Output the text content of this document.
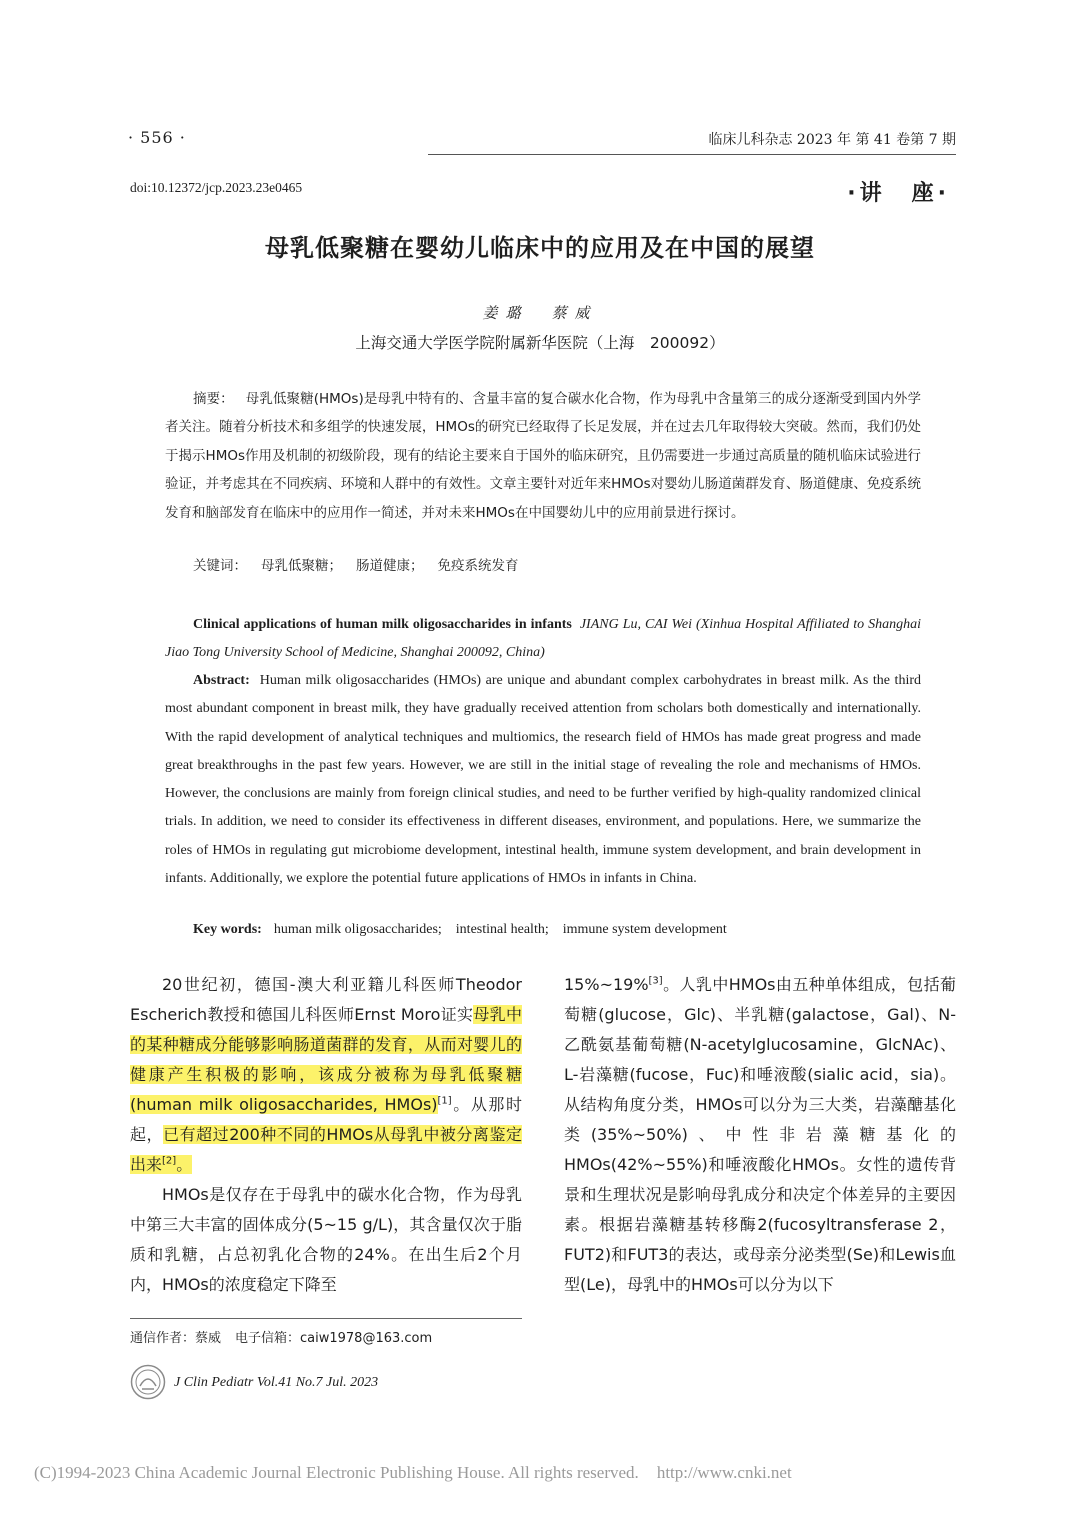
· 556 ·	临床儿科杂志 2023 年 第 41 卷第 7 期
doi:10.12372/jcp.2023.23e0465	·讲　座·
母乳低聚糖在婴幼儿临床中的应用及在中国的展望
姜璐　蔡威
上海交通大学医学院附属新华医院（上海　200092）
摘要： 母乳低聚糖(HMOs)是母乳中特有的、含量丰富的复合碳水化合物，作为母乳中含量第三的成分逐渐受到国内外学者关注。随着分析技术和多组学的快速发展，HMOs的研究已经取得了长足发展，并在过去几年取得较大突破。然而，我们仍处于揭示HMOs作用及机制的初级阶段，现有的结论主要来自于国外的临床研究，且仍需要进一步通过高质量的随机临床试验进行验证，并考虑其在不同疾病、环境和人群中的有效性。文章主要针对近年来HMOs对婴幼儿肠道菌群发育、肠道健康、免疫系统发育和脑部发育在临床中的应用作一简述，并对未来HMOs在中国婴幼儿中的应用前景进行探讨。
关键词： 母乳低聚糖； 肠道健康； 免疫系统发育
Clinical applications of human milk oligosaccharides in infants JIANG Lu, CAI Wei (Xinhua Hospital Affiliated to Shanghai Jiao Tong University School of Medicine, Shanghai 200092, China)
Abstract: Human milk oligosaccharides (HMOs) are unique and abundant complex carbohydrates in breast milk. As the third most abundant component in breast milk, they have gradually received attention from scholars both domestically and internationally. With the rapid development of analytical techniques and multiomics, the research field of HMOs has made great progress and made great breakthroughs in the past few years. However, we are still in the initial stage of revealing the role and mechanisms of HMOs. However, the conclusions are mainly from foreign clinical studies, and need to be further verified by high-quality randomized clinical trials. In addition, we need to consider its effectiveness in different diseases, environment, and populations. Here, we summarize the roles of HMOs in regulating gut microbiome development, intestinal health, immune system development, and brain development in infants. Additionally, we explore the potential future applications of HMOs in infants in China.
Key words: human milk oligosaccharides; intestinal health; immune system development

20世纪初，德国-澳大利亚籍儿科医师Theodor Escherich教授和德国儿科医师Ernst Moro证实母乳中的某种糖成分能够影响肠道菌群的发育，从而对婴儿的健康产生积极的影响，该成分被称为母乳低聚糖(human milk oligosaccharides, HMOs)[1]。从那时起，已有超过200种不同的HMOs从母乳中被分离鉴定出来[2]。

HMOs是仅存在于母乳中的碳水化合物，作为母乳中第三大丰富的固体成分(5~15 g/L)，其含量仅次于脂质和乳糖，占总初乳化合物的24%。在出生后2个月内，HMOs的浓度稳定下降至

15%~19%[3]。人乳中HMOs由五种单体组成，包括葡萄糖(glucose，Glc)、半乳糖(galactose，Gal)、N-乙酰氨基葡萄糖(N-acetylglucosamine，GlcNAc)、L-岩藻糖(fucose，Fuc)和唾液酸(sialic acid，sia)。从结构角度分类，HMOs可以分为三大类，岩藻醣基化类(35%~50%)、中性非岩藻糖基化的HMOs(42%~55%)和唾液酸化HMOs。女性的遗传背景和生理状况是影响母乳成分和决定个体差异的主要因素。根据岩藻糖基转移酶2(fucosyltransferase 2，FUT2)和FUT3的表达，或母亲分泌类型(Se)和Lewis血型(Le)，母乳中的HMOs可以分为以下

通信作者：蔡威 电子信箱：caiw1978@163.com
J Clin Pediatr Vol.41 No.7 Jul. 2023
(C)1994-2023 China Academic Journal Electronic Publishing House. All rights reserved. http://www.cnki.net
